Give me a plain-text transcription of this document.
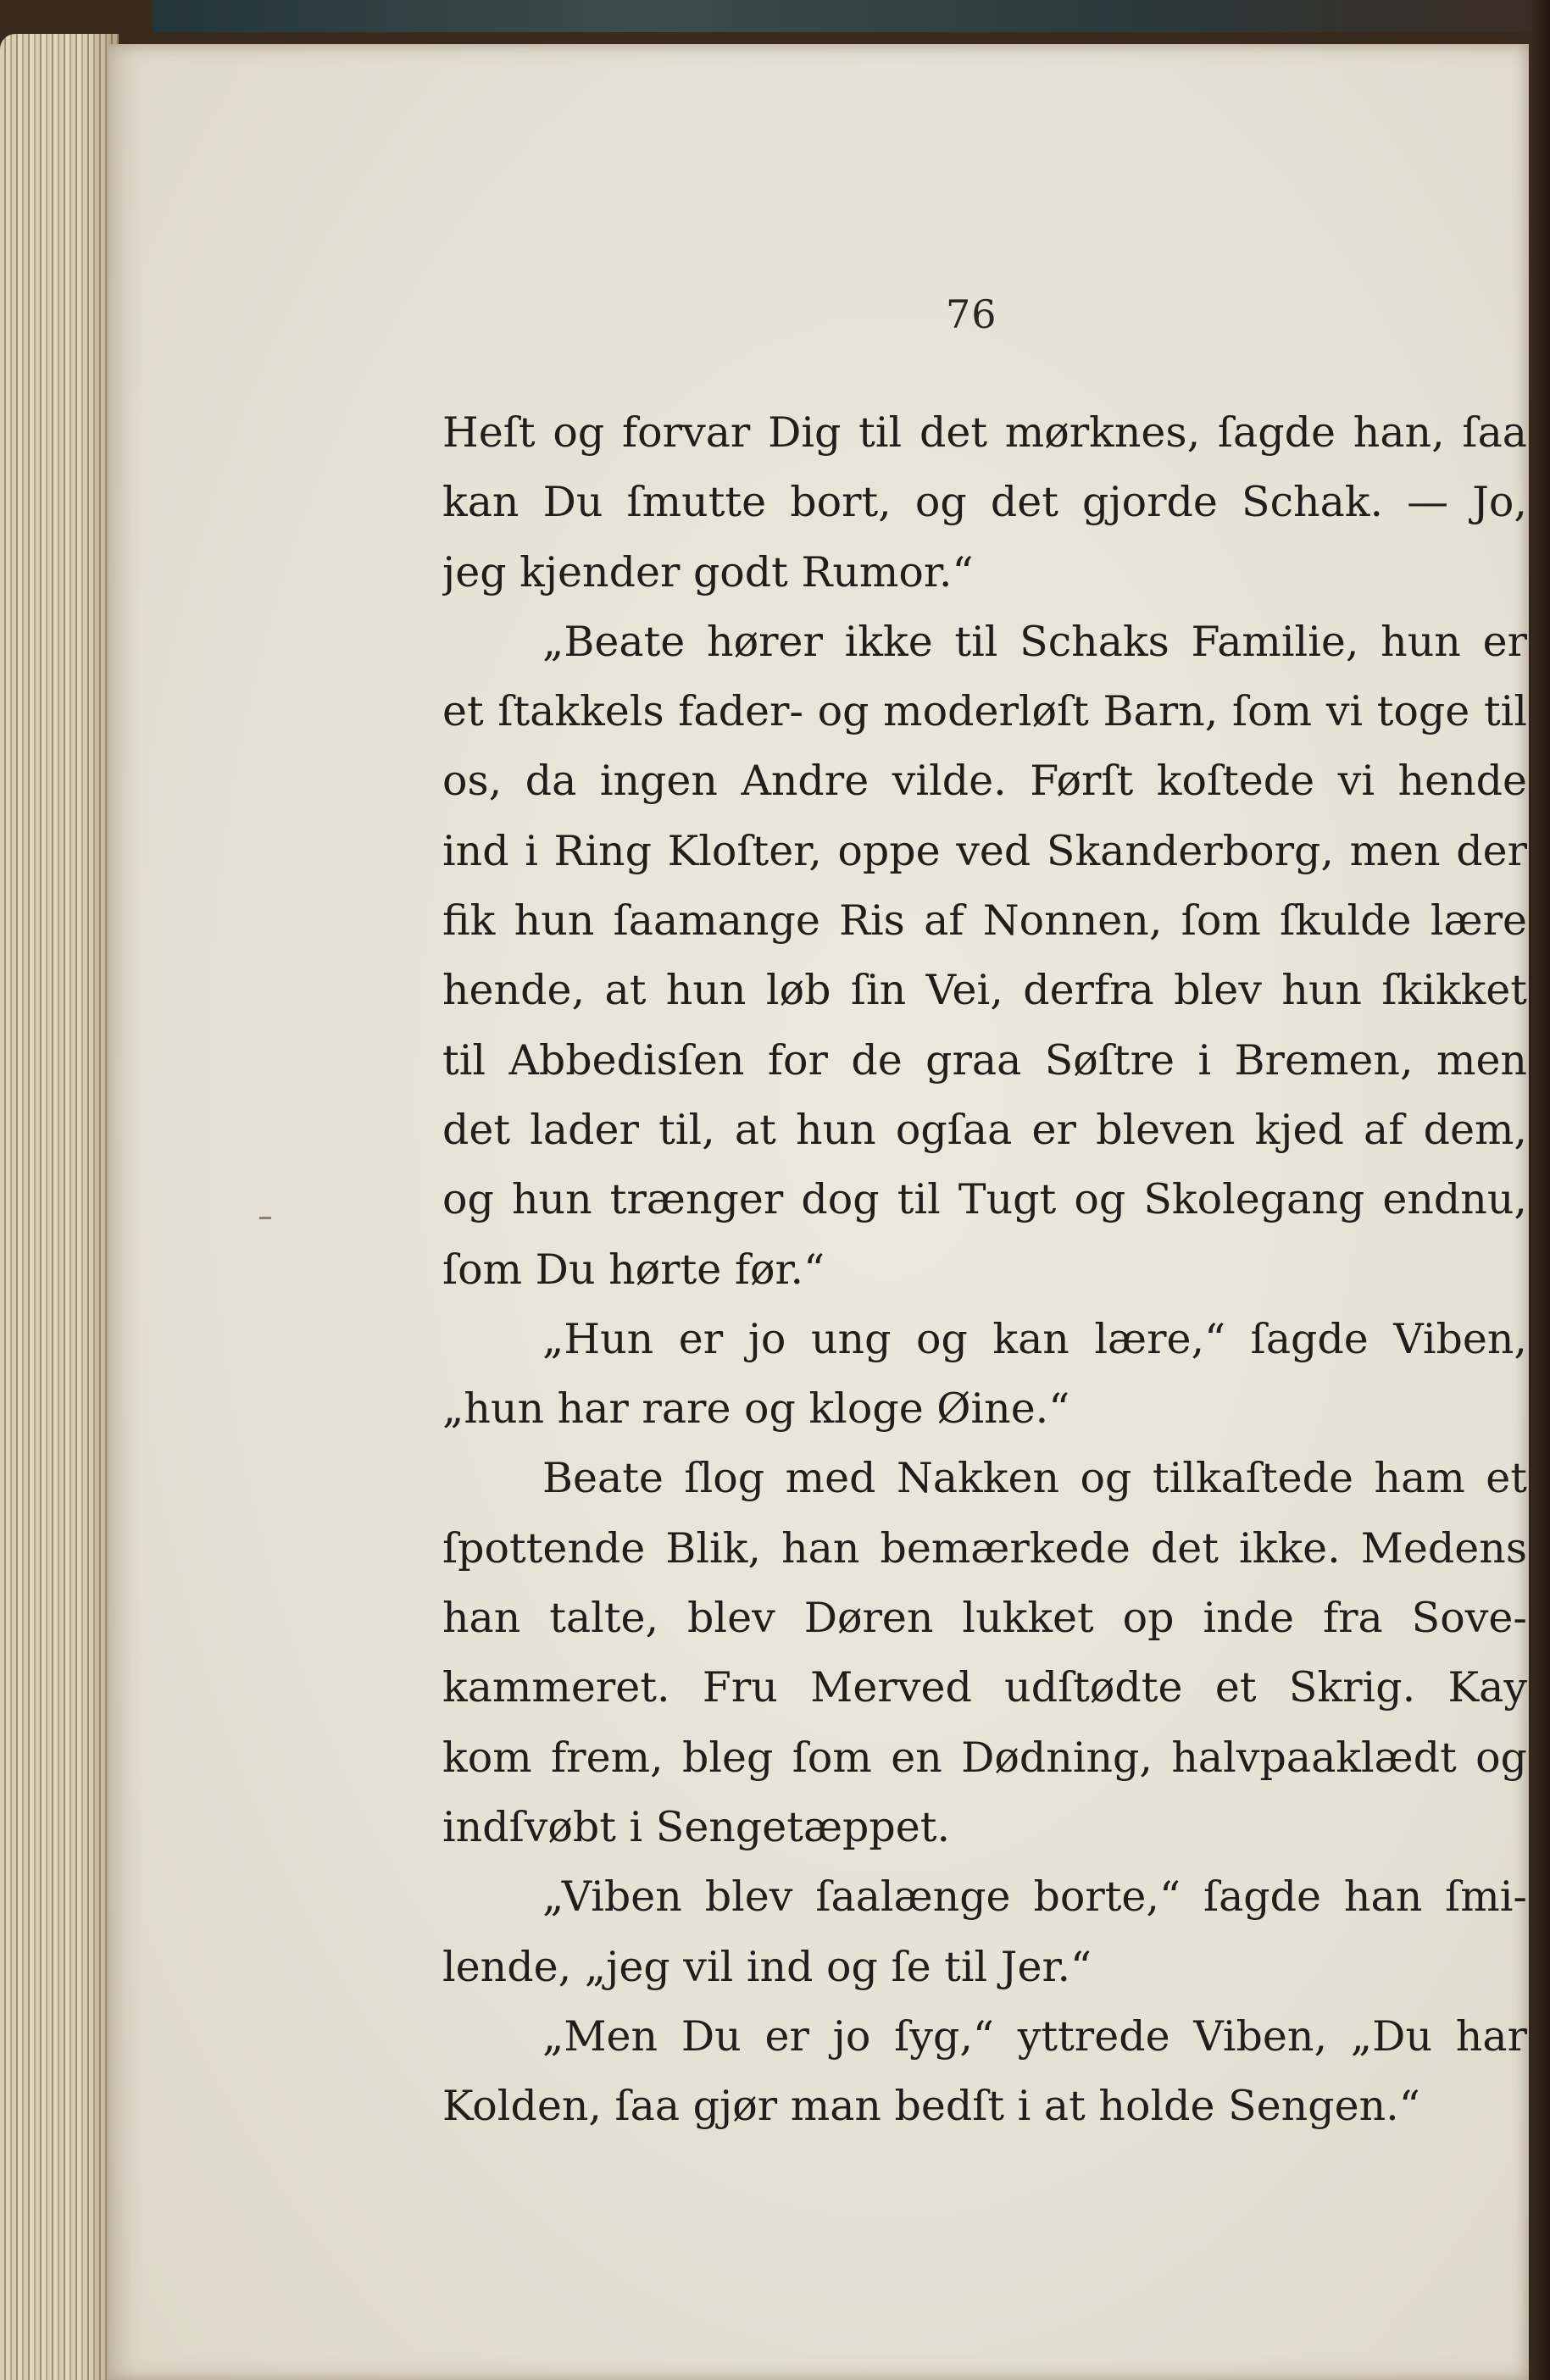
76
Heſt og forvar Dig til det mørknes, ſagde han, ſaa
kan Du ſmutte bort, og det gjorde Schak. — Jo,
jeg kjender godt Rumor.“
„Beate hører ikke til Schaks Familie, hun er
et ſtakkels fader- og moderløſt Barn, ſom vi toge til
os, da ingen Andre vilde. Førſt koſtede vi hende
ind i Ring Kloſter, oppe ved Skanderborg, men der
fik hun ſaamange Ris af Nonnen, ſom ſkulde lære
hende, at hun løb ſin Vei, derfra blev hun ſkikket
til Abbedisſen for de graa Søſtre i Bremen, men
det lader til, at hun ogſaa er bleven kjed af dem,
og hun trænger dog til Tugt og Skolegang endnu,
ſom Du hørte før.“
„Hun er jo ung og kan lære,“ ſagde Viben,
„hun har rare og kloge Øine.“
Beate ſlog med Nakken og tilkaſtede ham et
ſpottende Blik, han bemærkede det ikke. Medens
han talte, blev Døren lukket op inde fra Sove-
kammeret. Fru Merved udſtødte et Skrig. Kay
kom frem, bleg ſom en Dødning, halvpaaklædt og
indſvøbt i Sengetæppet.
„Viben blev ſaalænge borte,“ ſagde han ſmi-
lende, „jeg vil ind og ſe til Jer.“
„Men Du er jo ſyg,“ yttrede Viben, „Du har
Kolden, ſaa gjør man bedſt i at holde Sengen.“
